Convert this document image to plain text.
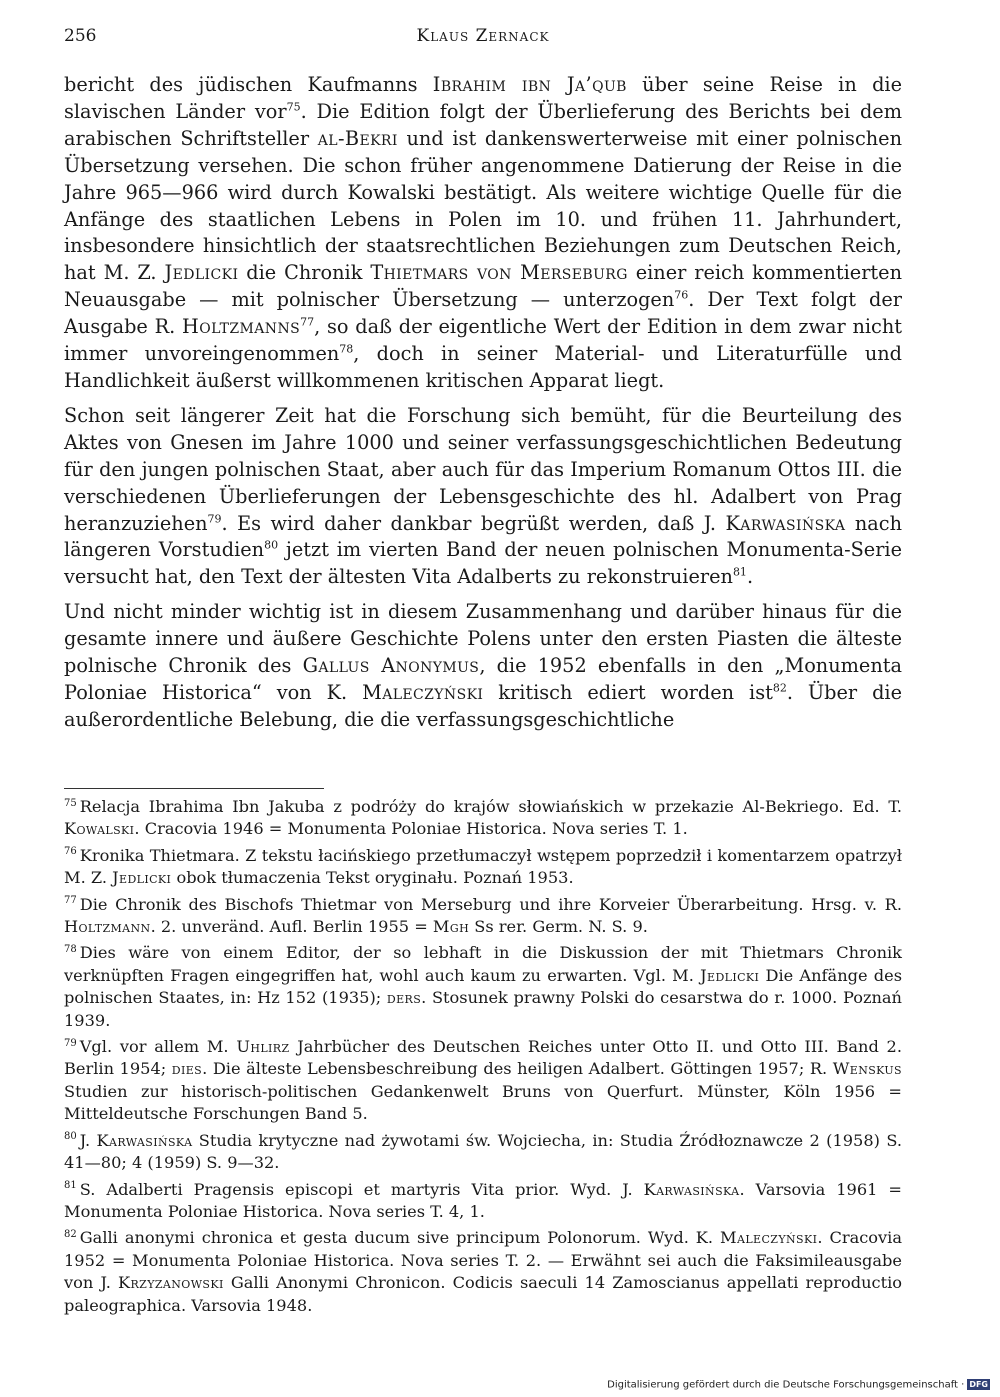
256	Klaus Zernack

bericht des jüdischen Kaufmanns Ibrahim ibn Ja’qub über seine Reise in die slavischen Länder vor$^{75}$. Die Edition folgt der Überlieferung des Berichts bei dem arabischen Schriftsteller al-Bekri und ist dankenswerterweise mit einer polnischen Übersetzung versehen. Die schon früher angenommene Datierung der Reise in die Jahre 965—966 wird durch Kowalski bestätigt. Als weitere wichtige Quelle für die Anfänge des staatlichen Lebens in Polen im 10. und frühen 11. Jahrhundert, insbesondere hinsichtlich der staatsrechtlichen Beziehungen zum Deutschen Reich, hat M. Z. Jedlicki die Chronik Thietmars von Merseburg einer reich kommentierten Neuausgabe — mit polnischer Übersetzung — unterzogen$^{76}$. Der Text folgt der Ausgabe R. Holtzmanns$^{77}$, so daß der eigentliche Wert der Edition in dem zwar nicht immer unvoreingenommen$^{78}$, doch in seiner Material- und Literaturfülle und Handlichkeit äußerst willkommenen kritischen Apparat liegt.

Schon seit längerer Zeit hat die Forschung sich bemüht, für die Beurteilung des Aktes von Gnesen im Jahre 1000 und seiner verfassungsgeschichtlichen Bedeutung für den jungen polnischen Staat, aber auch für das Imperium Romanum Ottos III. die verschiedenen Überlieferungen der Lebensgeschichte des hl. Adalbert von Prag heranzuziehen$^{79}$. Es wird daher dankbar begrüßt werden, daß J. Karwasińska nach längeren Vorstudien$^{80}$ jetzt im vierten Band der neuen polnischen Monumenta-Serie versucht hat, den Text der ältesten Vita Adalberts zu rekonstruieren$^{81}$.

Und nicht minder wichtig ist in diesem Zusammenhang und darüber hinaus für die gesamte innere und äußere Geschichte Polens unter den ersten Piasten die älteste polnische Chronik des Gallus Anonymus, die 1952 ebenfalls in den „Monumenta Poloniae Historica“ von K. Maleczyński kritisch ediert worden ist$^{82}$. Über die außerordentliche Belebung, die die verfassungsgeschichtliche

$^{75}$ Relacja Ibrahima Ibn Jakuba z podróży do krajów słowiańskich w przekazie Al-Bekriego. Ed. T. Kowalski. Cracovia 1946 = Monumenta Poloniae Historica. Nova series T. 1.

$^{76}$ Kronika Thietmara. Z tekstu łacińskiego przetłumaczył wstępem poprzedził i komentarzem opatrzył M. Z. Jedlicki obok tłumaczenia Tekst oryginału. Poznań 1953.

$^{77}$ Die Chronik des Bischofs Thietmar von Merseburg und ihre Korveier Überarbeitung. Hrsg. v. R. Holtzmann. 2. unveränd. Aufl. Berlin 1955 = Mgh Ss rer. Germ. N. S. 9.

$^{78}$ Dies wäre von einem Editor, der so lebhaft in die Diskussion der mit Thietmars Chronik verknüpften Fragen eingegriffen hat, wohl auch kaum zu erwarten. Vgl. M. Jedlicki Die Anfänge des polnischen Staates, in: Hz 152 (1935); ders. Stosunek prawny Polski do cesarstwa do r. 1000. Poznań 1939.

$^{79}$ Vgl. vor allem M. Uhlirz Jahrbücher des Deutschen Reiches unter Otto II. und Otto III. Band 2. Berlin 1954; dies. Die älteste Lebensbeschreibung des heiligen Adalbert. Göttingen 1957; R. Wenskus Studien zur historisch-politischen Gedankenwelt Bruns von Querfurt. Münster, Köln 1956 = Mitteldeutsche Forschungen Band 5.

$^{80}$ J. Karwasińska Studia krytyczne nad żywotami św. Wojciecha, in: Studia Źródłoznawcze 2 (1958) S. 41—80; 4 (1959) S. 9—32.

$^{81}$ S. Adalberti Pragensis episcopi et martyris Vita prior. Wyd. J. Karwasińska. Varsovia 1961 = Monumenta Poloniae Historica. Nova series T. 4, 1.

$^{82}$ Galli anonymi chronica et gesta ducum sive principum Polonorum. Wyd. K. Maleczyński. Cracovia 1952 = Monumenta Poloniae Historica. Nova series T. 2. — Erwähnt sei auch die Faksimileausgabe von J. Krzyzanowski Galli Anonymi Chronicon. Codicis saeculi 14 Zamoscianus appellati reproductio paleographica. Varsovia 1948.

Digitalisierung gefördert durch die Deutsche Forschungsgemeinschaft · DFG
